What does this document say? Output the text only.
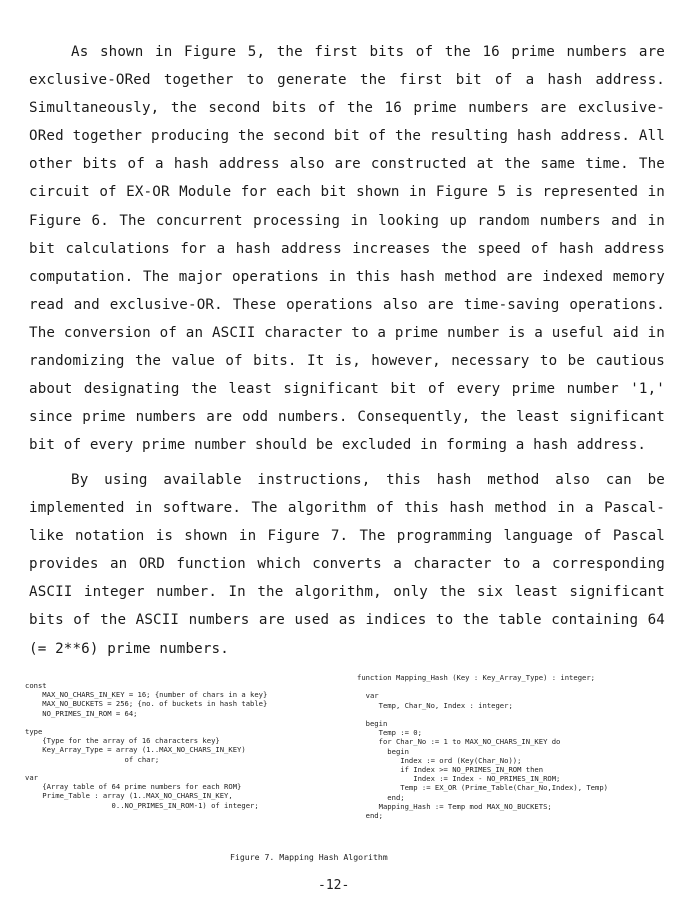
As shown in Figure 5, the first bits of the 16 prime numbers are exclusive-ORed together to generate the first bit of a hash address. Simultaneously, the second bits of the 16 prime numbers are exclusive-ORed together producing the second bit of the resulting hash address. All other bits of a hash address also are constructed at the same time. The circuit of EX-OR Module for each bit shown in Figure 5 is represented in Figure 6. The concurrent processing in looking up random numbers and in bit calculations for a hash address increases the speed of hash address computation. The major operations in this hash method are indexed memory read and exclusive-OR. These operations also are time-saving operations. The conversion of an ASCII character to a prime number is a useful aid in randomizing the value of bits. It is, however, necessary to be cautious about designating the least significant bit of every prime number '1,' since prime numbers are odd numbers. Consequently, the least significant bit of every prime number should be excluded in forming a hash address.

By using available instructions, this hash method also can be implemented in software. The algorithm of this hash method in a Pascal-like notation is shown in Figure 7. The programming language of Pascal provides an ORD function which converts a character to a corresponding ASCII integer number. In the algorithm, only the six least significant bits of the ASCII numbers are used as indices to the table containing 64 (= 2**6) prime numbers.

const
MAX_NO_CHARS_IN_KEY = 16; {number of chars in a key}
MAX_NO_BUCKETS = 256; {no. of buckets in hash table}
NO_PRIMES_IN_ROM = 64;

type
{Type for the array of 16 characters key}
Key_Array_Type = array (1..MAX_NO_CHARS_IN_KEY)
of char;

var
{Array table of 64 prime numbers for each ROM}
Prime_Table : array (1..MAX_NO_CHARS_IN_KEY,
0..NO_PRIMES_IN_ROM-1) of integer;
function Mapping_Hash (Key : Key_Array_Type) : integer;

var
Temp, Char_No, Index : integer;

begin
Temp := 0;
for Char_No := 1 to MAX_NO_CHARS_IN_KEY do
begin
Index := ord (Key(Char_No));
if Index >= NO_PRIMES_IN_ROM then
Index := Index - NO_PRIMES_IN_ROM;
Temp := EX_OR (Prime_Table(Char_No,Index), Temp)
end;
Mapping_Hash := Temp mod MAX_NO_BUCKETS;
end;
Figure 7. Mapping Hash Algorithm
-12-
